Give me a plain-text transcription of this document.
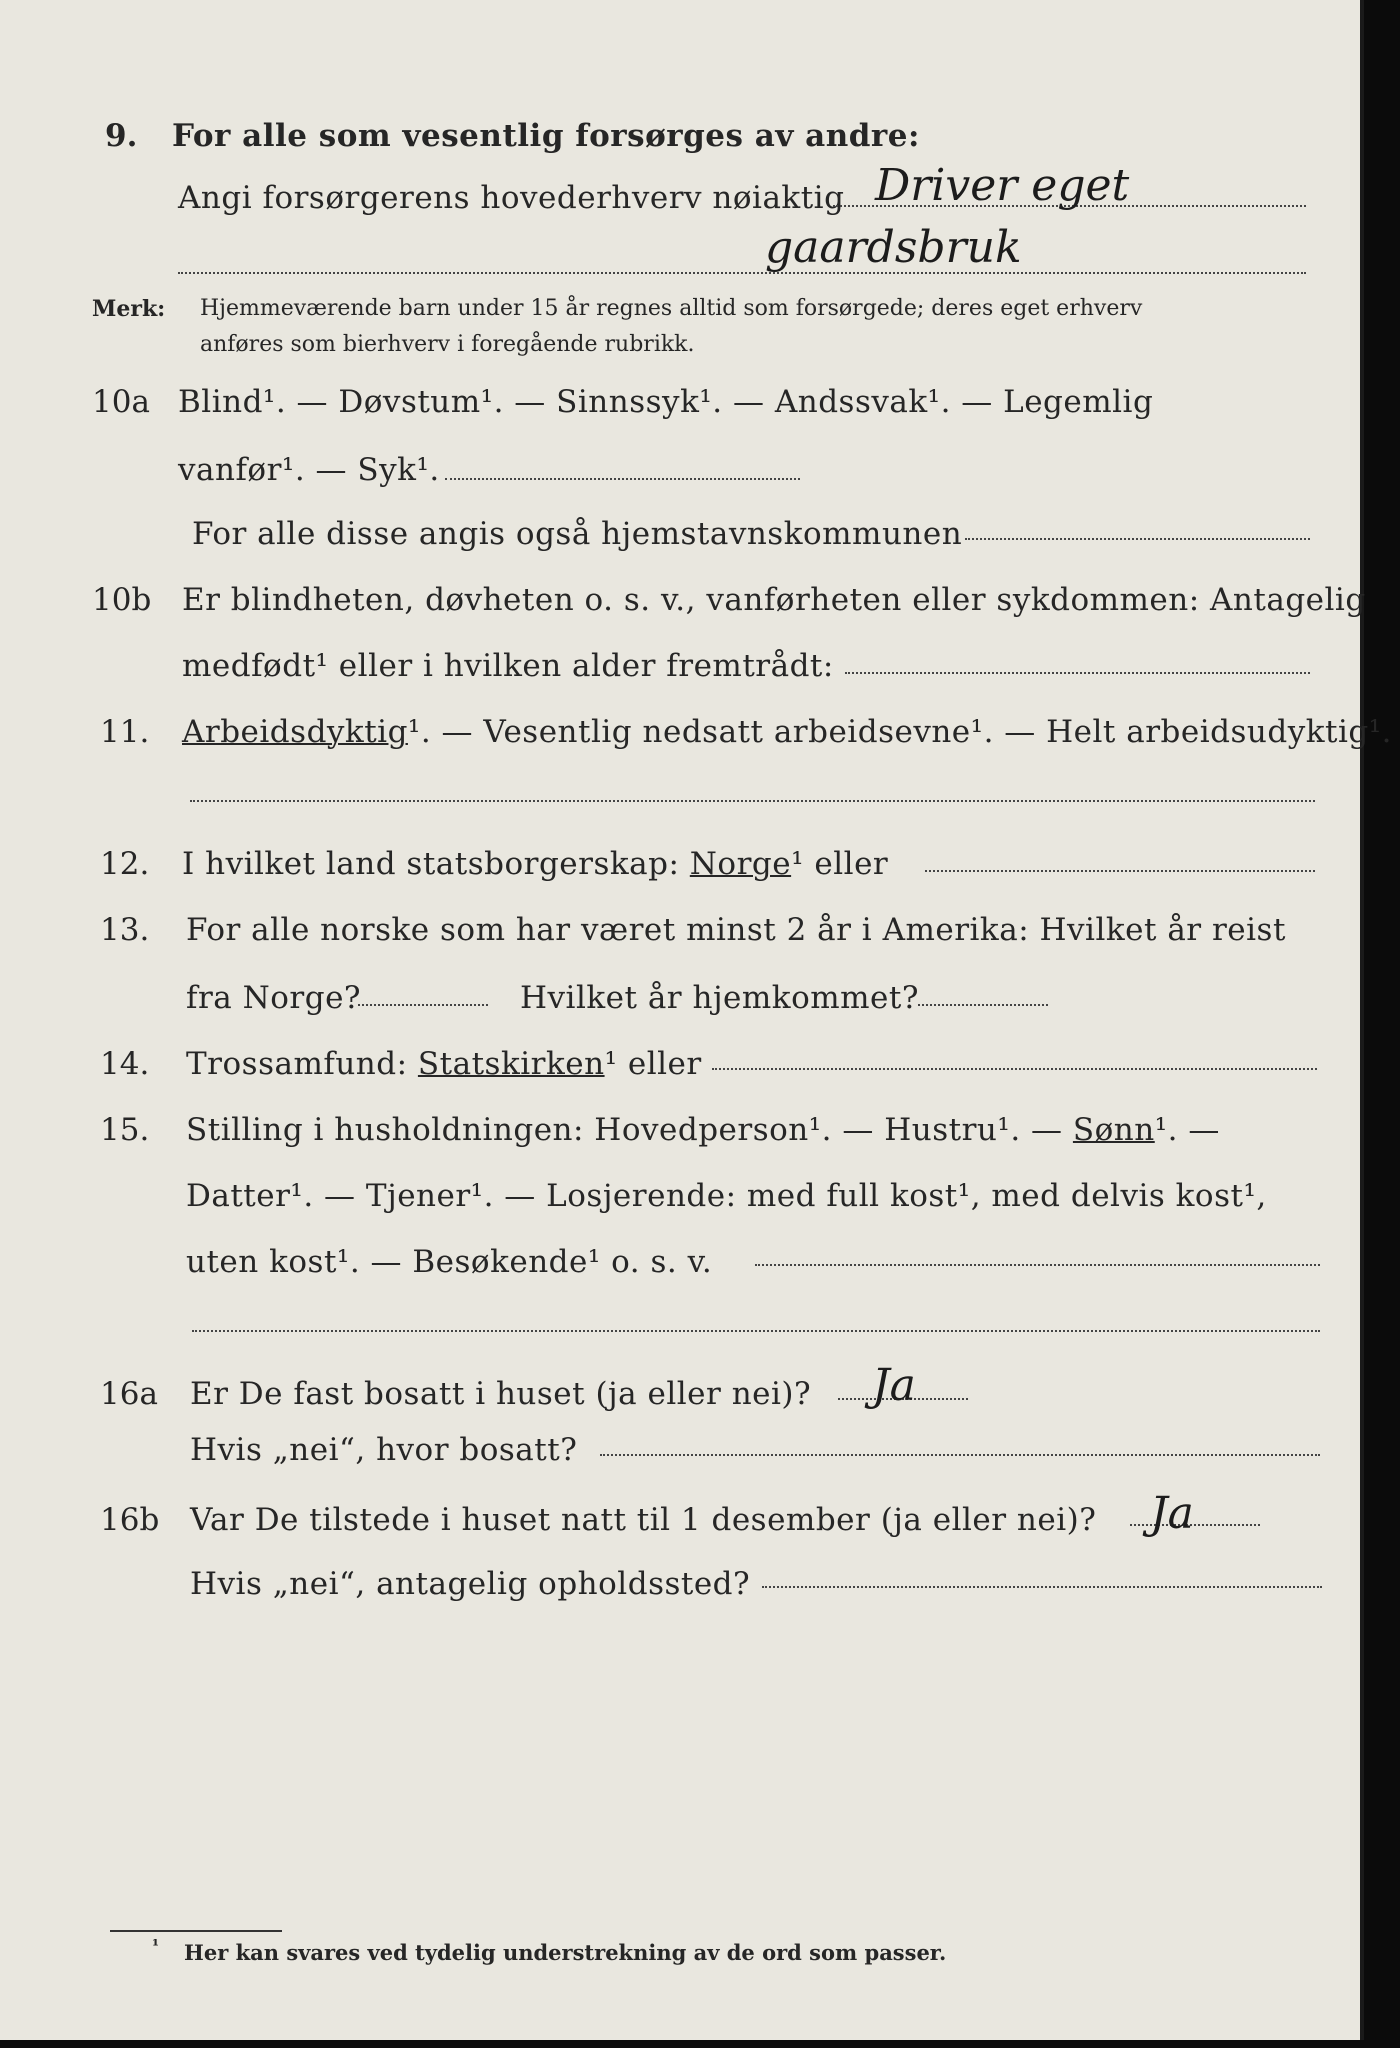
9. For alle som vesentlig forsørges av andre:
Angi forsørgerens hovederhverv nøiaktig Driver eget
gaardsbruk
Merk: Hjemmeværende barn under 15 år regnes alltid som forsørgede; deres eget erhverv
anføres som bierhverv i foregående rubrikk.
10a Blind¹. — Døvstum¹. — Sinnssyk¹. — Andssvak¹. — Legemlig
vanfør¹. — Syk¹.
For alle disse angis også hjemstavnskommunen
10b Er blindheten, døvheten o. s. v., vanførheten eller sykdommen: Antagelig
medfødt¹ eller i hvilken alder fremtrådt:
11. Arbeidsdyktig¹. — Vesentlig nedsatt arbeidsevne¹. — Helt arbeidsudyktig¹.
12. I hvilket land statsborgerskap: Norge¹ eller
13. For alle norske som har været minst 2 år i Amerika: Hvilket år reist
fra Norge?	Hvilket år hjemkommet?
14. Trossamfund: Statskirken¹ eller
15. Stilling i husholdningen: Hovedperson¹. — Hustru¹. — Sønn¹. —
Datter¹. — Tjener¹. — Losjerende: med full kost¹, med delvis kost¹,
uten kost¹. — Besøkende¹ o. s. v.
16a Er De fast bosatt i huset (ja eller nei)? Ja
Hvis „nei“, hvor bosatt?
16b Var De tilstede i huset natt til 1 desember (ja eller nei)? Ja
Hvis „nei“, antagelig opholdssted?
¹ Her kan svares ved tydelig understrekning av de ord som passer.
